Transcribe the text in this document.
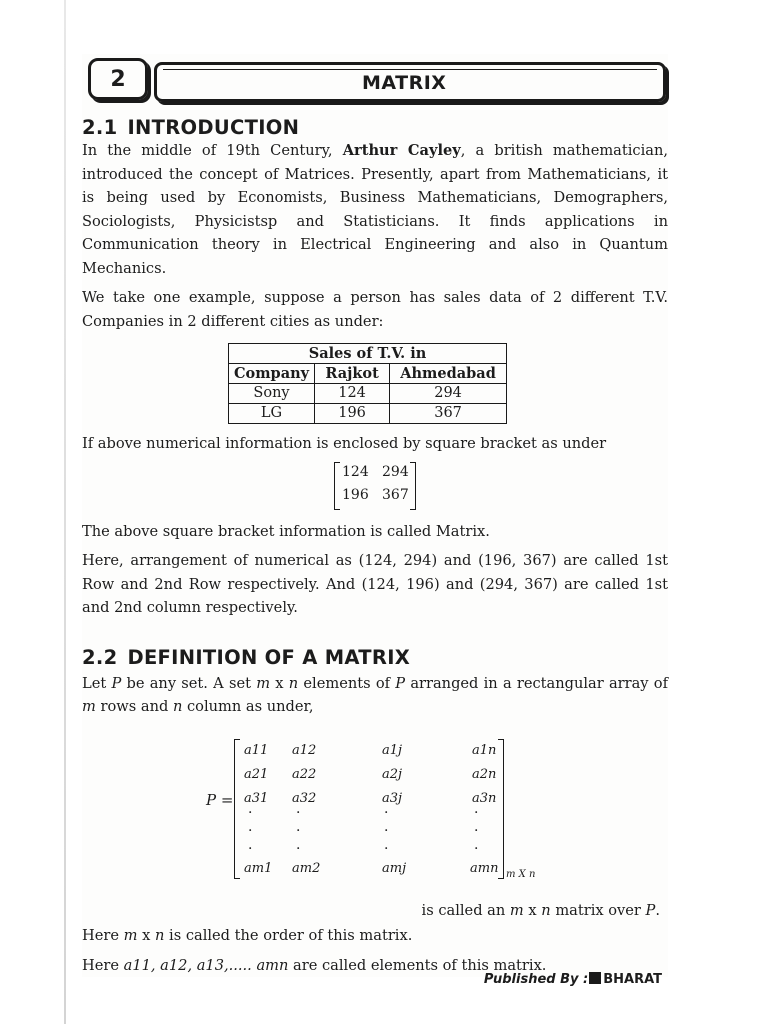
2	MATRIX
2.1 INTRODUCTION

In the middle of 19th Century, Arthur Cayley, a british mathematician, introduced the concept of Matrices. Presently, apart from Mathematicians, it is being used by Economists, Business Mathematicians, Demographers, Sociologists, Physicistsp and Statisticians. It finds applications in Communication theory in Electrical Engineering and also in Quantum Mechanics.

We take one example, suppose a person has sales data of 2 different T.V. Companies in 2 different cities as under:

Sales of T.V. in		
Company	Rajkot	Ahmedabad
Sony	124	294
LG	196	367

If above numerical information is enclosed by square bracket as under

124 294
196 367

The above square bracket information is called Matrix.

Here, arrangement of numerical as (124, 294) and (196, 367) are called 1st Row and 2nd Row respectively. And (124, 196) and (294, 367) are called 1st and 2nd column respectively.

2.2 DEFINITION OF A MATRIX

Let P be any set. A set m x n elements of P arranged in a rectangular array of m rows and n column as under,

P =
a11 a12	a1j	a1n
a21 a22	a2j	a2n
a31 a32	a3j	a3n
·	·	·	·
·	·	·	·
·	·	·	·
am1 am2	amj	amn m X n

is called an m x n matrix over P.

Here m x n is called the order of this matrix.

Here a11, a12, a13,..... amn are called elements of this matrix.

Published By : BHARAT
